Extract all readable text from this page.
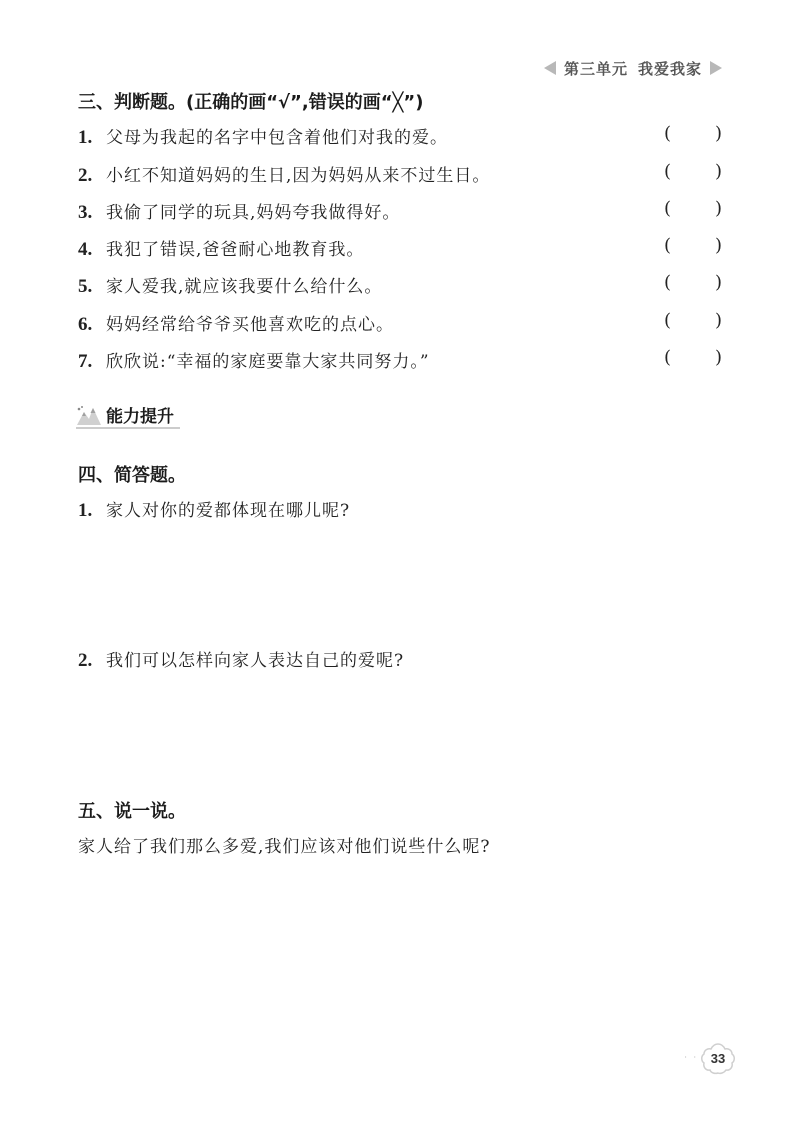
第三单元 我爱我家
三、判断题。(正确的画“√”,错误的画“╳”)
1. 父母为我起的名字中包含着他们对我的爱。	( )
2. 小红不知道妈妈的生日,因为妈妈从来不过生日。	( )
3. 我偷了同学的玩具,妈妈夸我做得好。	( )
4. 我犯了错误,爸爸耐心地教育我。	( )
5. 家人爱我,就应该我要什么给什么。	( )
6. 妈妈经常给爷爷买他喜欢吃的点心。	( )
7. 欣欣说:“幸福的家庭要靠大家共同努力。”	( )
能力提升
四、简答题。
1. 家人对你的爱都体现在哪儿呢?
2. 我们可以怎样向家人表达自己的爱呢?
五、说一说。
家人给了我们那么多爱,我们应该对他们说些什么呢?
· · 33
